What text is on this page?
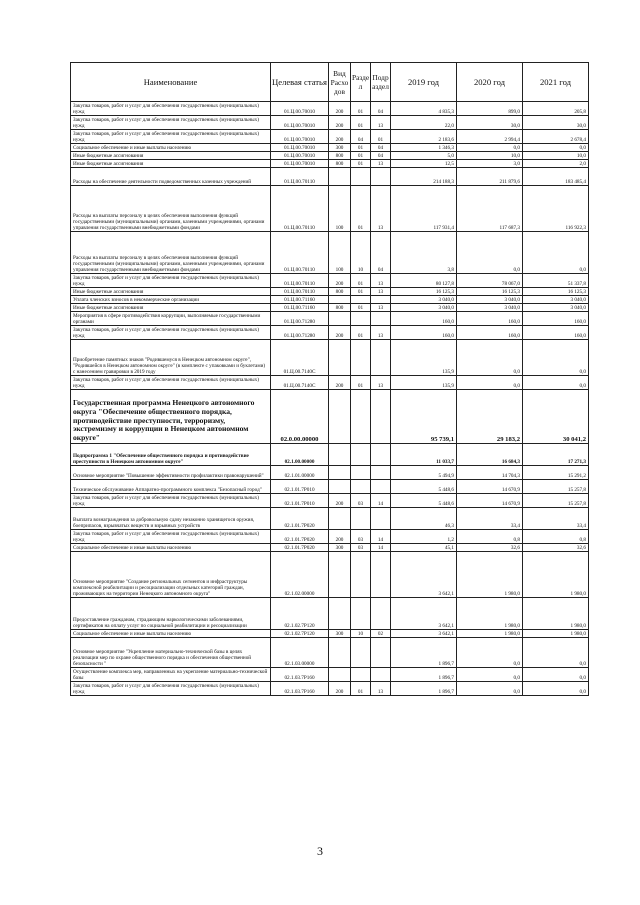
Наименование	Целевая статья	Вид Расхо дов	Разде л	Подр аздел	2019 год	2020 год	2021 год
Закупка товаров, работ и услуг для обеспечения государственных (муниципальных) нужд	01.Ц.00.70010	200	01	04	4 835,3	899,0	205,8
Закупка товаров, работ и услуг для обеспечения государственных (муниципальных) нужд	01.Ц.00.70010	200	01	13	22,0	30,0	30,0
Закупка товаров, работ и услуг для обеспечения государственных (муниципальных) нужд	01.Ц.00.70010	200	04	01	2 183,6	2 994,4	2 678,4
Социальное обеспечение и иные выплаты населению	01.Ц.00.70010	300	01	04	1 346,3	0,0	0,0
Иные бюджетные ассигнования	01.Ц.00.70010	800	01	04	5,0	10,0	10,0
Иные бюджетные ассигнования	01.Ц.00.70010	800	01	13	12,5	3,0	2,0
Расходы на обеспечение деятельности подведомственных казенных учреждений	01.Ц.00.70110				214 188,3	211 879,6	183 485,4
Расходы на выплаты персоналу в целях обеспечения выполнения функций государственными (муниципальными) органами, казенными учреждениями, органами управления государственными внебюджетными фондами	01.Ц.00.70110	100	01	13	117 931,4	117 687,3	116 922,3
Расходы на выплаты персоналу в целях обеспечения выполнения функций государственными (муниципальными) органами, казенными учреждениями, органами управления государственными внебюджетными фондами	01.Ц.00.70110	100	10	04	3,8	0,0	0,0
Закупка товаров, работ и услуг для обеспечения государственных (муниципальных) нужд	01.Ц.00.70110	200	01	13	80 127,8	78 067,0	51 337,8
Иные бюджетные ассигнования	01.Ц.00.70110	800	01	13	16 125,3	16 125,3	16 125,3
Уплата членских взносов в некоммерческие организации	01.Ц.00.71160				3 040,0	3 040,0	3 040,0
Иные бюджетные ассигнования	01.Ц.00.71160	800	01	13	3 040,0	3 040,0	3 040,0
Мероприятия в сфере противодействия коррупции, выполняемые государственными органами	01.Ц.00.71280				160,0	160,0	160,0
Закупка товаров, работ и услуг для обеспечения государственных (муниципальных) нужд	01.Ц.00.71280	200	01	13	160,0	160,0	160,0
Приобретение памятных знаков "Родившемуся в Ненецком автономном округе", "Родившейся в Ненецком автономном округе" (в комплекте с упаковками и буклетами) с нанесением гравировки в 2019 году	01.Ц.00.7140С				135,9	0,0	0,0
Закупка товаров, работ и услуг для обеспечения государственных (муниципальных) нужд	01.Ц.00.7140С	200	01	13	135,9	0,0	0,0
Государственная программа Ненецкого автономного округа "Обеспечение общественного порядка, противодействие преступности, терроризму, экстремизму и коррупции в Ненецком автономном округе"	02.0.00.00000				95 739,1	29 183,2	30 041,2
Подпрограмма 1 "Обеспечение общественного порядка и противодействие преступности в Ненецком автономном округе"	02.1.00.00000				11 033,7	16 684,3	17 271,3
Основное мероприятие "Повышение эффективности профилактики правонарушений"	02.1.01.00000				5 494,9	14 704,3	15 291,2
Техническое обслуживание Аппаратно-программного комплекса "Безопасный город"	02.1.01.7Р010				5 448,6	14 670,9	15 257,8
Закупка товаров, работ и услуг для обеспечения государственных (муниципальных) нужд	02.1.01.7Р010	200	03	14	5 448,6	14 670,9	15 257,8
Выплата вознаграждения за добровольную сдачу незаконно хранящегося оружия, боеприпасов, взрывчатых веществ и взрывных устройств	02.1.01.7Р020				46,3	33,4	33,4
Закупка товаров, работ и услуг для обеспечения государственных (муниципальных) нужд	02.1.01.7Р020	200	03	14	1,2	0,8	0,8
Социальное обеспечение и иные выплаты населению	02.1.01.7Р020	300	03	14	45,1	32,6	32,6
Основное мероприятие "Создание региональных сегментов и инфраструктуры комплексной реабилитации и ресоциализации отдельных категорий граждан, проживающих на территории Ненецкого автономного округа"	02.1.02.00000				3 642,1	1 980,0	1 980,0
Предоставление гражданам, страдающим наркологическими заболеваниями, сертификатов на оплату услуг по социальной реабилитации и ресоциализации	02.1.02.7Р120				3 642,1	1 980,0	1 980,0
Социальное обеспечение и иные выплаты населению	02.1.02.7Р120	300	10	02	3 642,1	1 980,0	1 980,0
Основное мероприятие "Укрепление материально-технической базы в целях реализации мер по охране общественного порядка и обеспечения общественной безопасности "	02.1.03.00000				1 896,7	0,0	0,0
Осуществление комплекса мер, направленных на укрепление материально-технической базы	02.1.03.7Р160				1 896,7	0,0	0,0
Закупка товаров, работ и услуг для обеспечения государственных (муниципальных) нужд	02.1.03.7Р160	200	01	13	1 896,7	0,0	0,0
3
